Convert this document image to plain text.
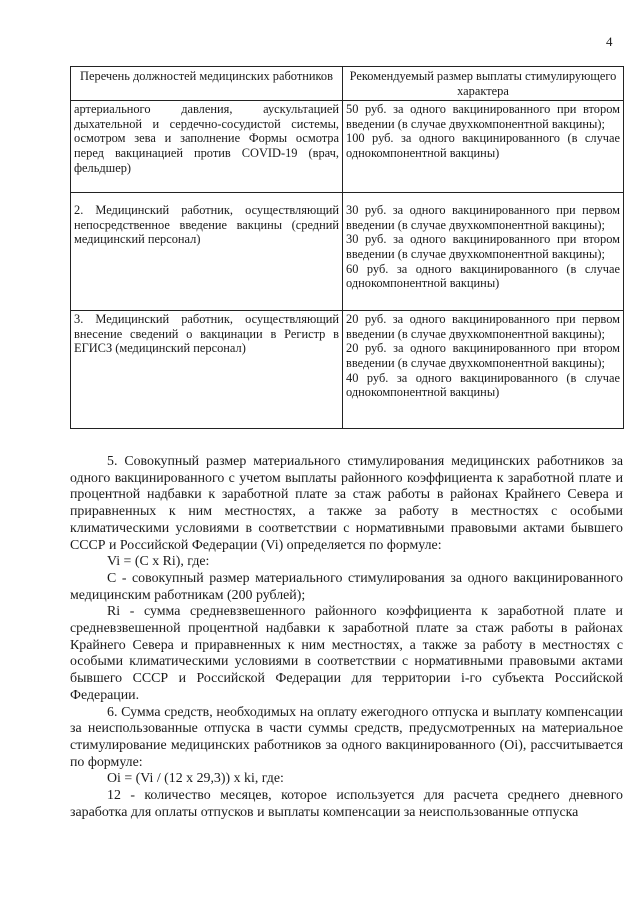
4
Перечень должностей медицинских работников	Рекомендуемый размер выплаты стимулирующего характера
артериального давления, аускультацией дыхательной и сердечно-сосудистой системы, осмотром зева и заполнение Формы осмотра перед вакцинацией против COVID-19 (врач, фельдшер)	50 руб. за одного вакцинированного при втором введении (в случае двухкомпонентной вакцины);
100 руб. за одного вакцинированного (в случае однокомпонентной вакцины)

2. Медицинский работник, осуществляющий непосредственное введение вакцины (средний медицинский персонал)	30 руб. за одного вакцинированного при первом введении (в случае двухкомпонентной вакцины);
30 руб. за одного вакцинированного при втором введении (в случае двухкомпонентной вакцины);
60 руб. за одного вакцинированного (в случае однокомпонентной вакцины)

3. Медицинский работник, осуществляющий внесение сведений о вакцинации в Регистр в ЕГИСЗ (медицинский персонал)	20 руб. за одного вакцинированного при первом введении (в случае двухкомпонентной вакцины);
20 руб. за одного вакцинированного при втором введении (в случае двухкомпонентной вакцины);
40 руб. за одного вакцинированного (в случае однокомпонентной вакцины)

5. Совокупный размер материального стимулирования медицинских работников за одного вакцинированного с учетом выплаты районного коэффициента к заработной плате и процентной надбавки к заработной плате за стаж работы в районах Крайнего Севера и приравненных к ним местностях, а также за работу в местностях с особыми климатическими условиями в соответствии с нормативными правовыми актами бывшего СССР и Российской Федерации (Vi) определяется по формуле:

Vi = (C x Ri), где:

C - совокупный размер материального стимулирования за одного вакцинированного медицинским работникам (200 рублей);

Ri - сумма средневзвешенного районного коэффициента к заработной плате и средневзвешенной процентной надбавки к заработной плате за стаж работы в районах Крайнего Севера и приравненных к ним местностях, а также за работу в местностях с особыми климатическими условиями в соответствии с нормативными правовыми актами бывшего СССР и Российской Федерации для территории i-го субъекта Российской Федерации.

6. Сумма средств, необходимых на оплату ежегодного отпуска и выплату компенсации за неиспользованные отпуска в части суммы средств, предусмотренных на материальное стимулирование медицинских работников за одного вакцинированного (Oi), рассчитывается по формуле:

Oi = (Vi / (12 x 29,3)) x ki, где:

12 - количество месяцев, которое используется для расчета среднего дневного заработка для оплаты отпусков и выплаты компенсации за неиспользованные отпуска
